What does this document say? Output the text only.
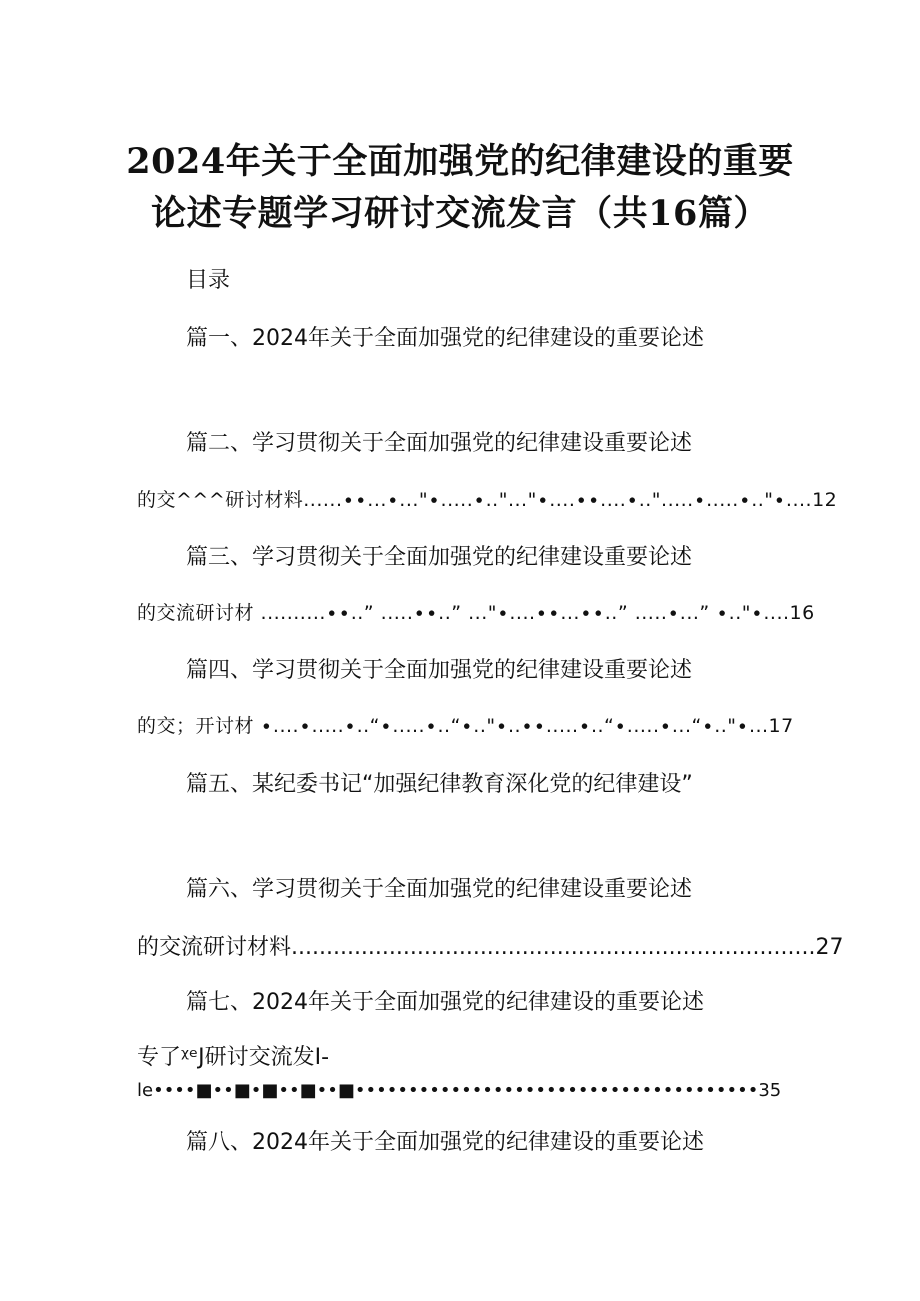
2024年关于全面加强党的纪律建设的重要
论述专题学习研讨交流发言（共16篇）
目录
篇一、2024年关于全面加强党的纪律建设的重要论述
篇二、学习贯彻关于全面加强党的纪律建设重要论述
的交^^^研讨材料......∙∙...∙..."∙.....∙.."..."∙....∙∙....∙..".....∙.....∙.."∙....12
篇三、学习贯彻关于全面加强党的纪律建设重要论述
的交流研讨材 ..........∙∙..” .....∙∙..” ..."∙....∙∙...∙∙..” .....∙...” ∙.."∙....16
篇四、学习贯彻关于全面加强党的纪律建设重要论述
的交；开讨材 ∙....∙.....∙..“∙.....∙..“∙.."∙..∙∙.....∙..“∙.....∙...“∙.."∙...17
篇五、某纪委书记“加强纪律教育深化党的纪律建设”
篇六、学习贯彻关于全面加强党的纪律建设重要论述
的交流研讨材料...........................................................................27
篇七、2024年关于全面加强党的纪律建设的重要论述
专了ᵡᵉJ研讨交流发I-
le••••■••■•■••■••■••••••••••••••••••••••••••••••••••••••35
篇八、2024年关于全面加强党的纪律建设的重要论述
